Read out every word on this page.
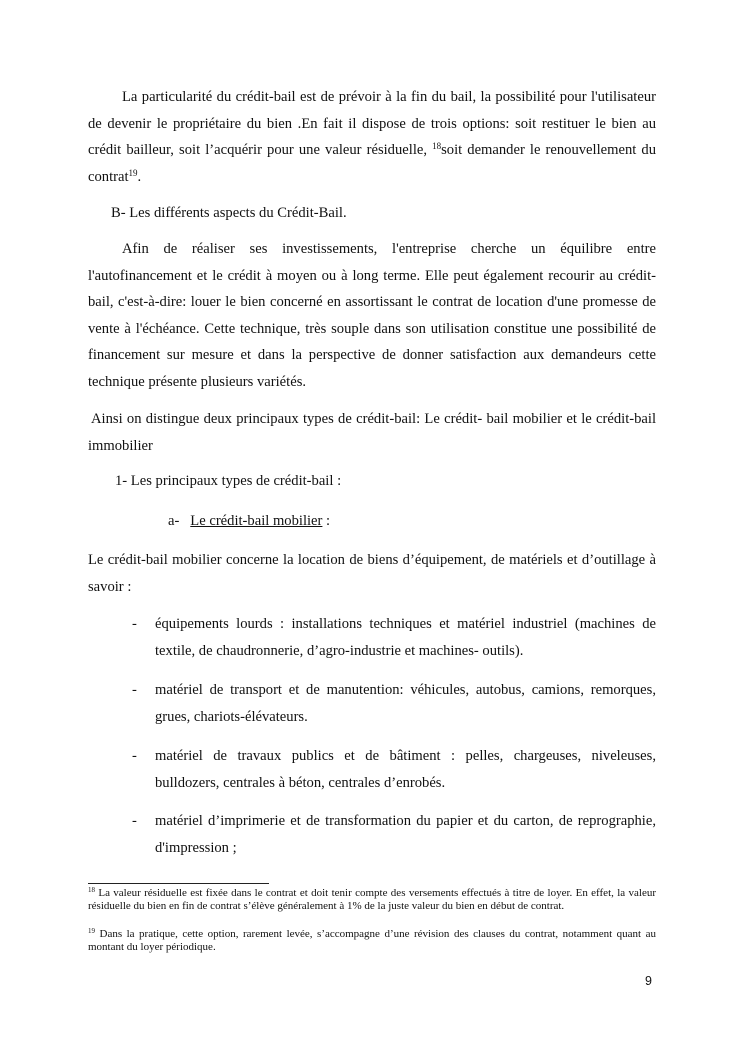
La particularité du crédit-bail est de prévoir à la fin du bail, la possibilité pour l'utilisateur de devenir le propriétaire du bien .En fait il dispose de trois options: soit restituer le bien au crédit bailleur, soit l’acquérir pour une valeur résiduelle, $^{18}$soit demander le renouvellement du contrat$^{19}$.

B- Les différents aspects du Crédit-Bail.

Afin de réaliser ses investissements, l'entreprise cherche un équilibre entre l'autofinancement et le crédit à moyen ou à long terme. Elle peut également recourir au crédit-bail, c'est-à-dire: louer le bien concerné en assortissant le contrat de location d'une promesse de vente à l'échéance. Cette technique, très souple dans son utilisation constitue une possibilité de financement sur mesure et dans la perspective de donner satisfaction aux demandeurs cette technique présente plusieurs variétés.

Ainsi on distingue deux principaux types de crédit-bail: Le crédit- bail mobilier et le crédit-bail immobilier

1- Les principaux types de crédit-bail :

a- Le crédit-bail mobilier :

Le crédit-bail mobilier concerne la location de biens d’équipement, de matériels et d’outillage à savoir :

- équipements lourds : installations techniques et matériel industriel (machines de textile, de chaudronnerie, d’agro-industrie et machines- outils).

- matériel de transport et de manutention: véhicules, autobus, camions, remorques, grues, chariots-élévateurs.

- matériel de travaux publics et de bâtiment : pelles, chargeuses, niveleuses, bulldozers, centrales à béton, centrales d’enrobés.

- matériel d’imprimerie et de transformation du papier et du carton, de reprographie, d'impression ;

$^{18}$ La valeur résiduelle est fixée dans le contrat et doit tenir compte des versements effectués à titre de loyer. En effet, la valeur résiduelle du bien en fin de contrat s’élève généralement à 1% de la juste valeur du bien en début de contrat.

$^{19}$ Dans la pratique, cette option, rarement levée, s’accompagne d’une révision des clauses du contrat, notamment quant au montant du loyer périodique.

9
